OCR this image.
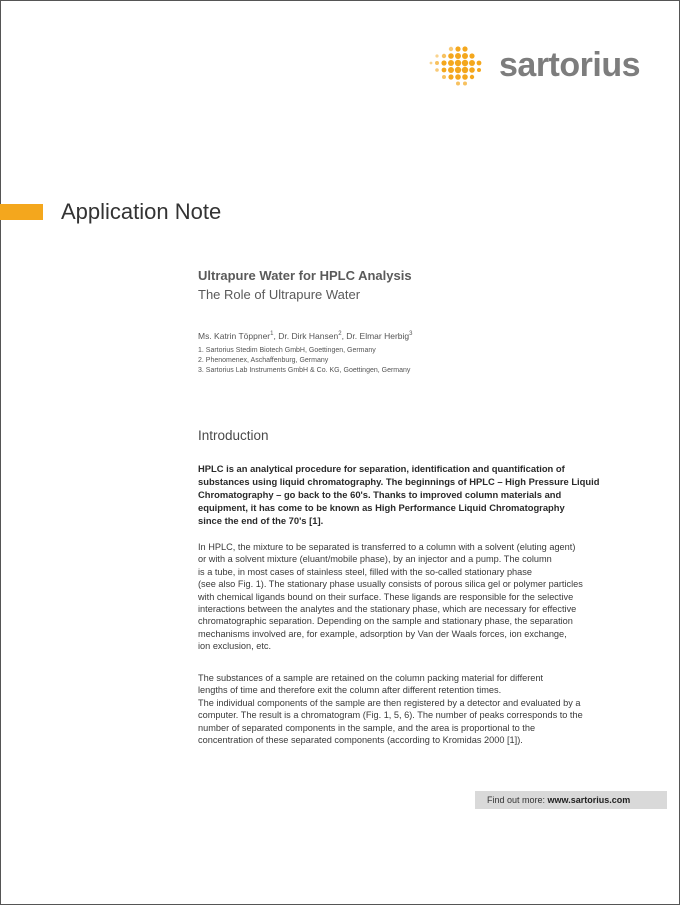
sartorius
Application Note
Ultrapure Water for HPLC Analysis
The Role of Ultrapure Water
Ms. Katrin Töppner$^1$, Dr. Dirk Hansen$^2$, Dr. Elmar Herbig$^3$
1. Sartorius Stedim Biotech GmbH, Goettingen, Germany
2. Phenomenex, Aschaffenburg, Germany
3. Sartorius Lab Instruments GmbH & Co. KG, Goettingen, Germany
Introduction
HPLC is an analytical procedure for separation, identification and quantification of
substances using liquid chromatography. The beginnings of HPLC – High Pressure Liquid
Chromatography – go back to the 60's. Thanks to improved column materials and
equipment, it has come to be known as High Performance Liquid Chromatography
since the end of the 70's [1].
In HPLC, the mixture to be separated is transferred to a column with a solvent (eluting agent)
or with a solvent mixture (eluant/mobile phase), by an injector and a pump. The column
is a tube, in most cases of stainless steel, filled with the so-called stationary phase
(see also Fig. 1). The stationary phase usually consists of porous silica gel or polymer particles
with chemical ligands bound on their surface. These ligands are responsible for the selective
interactions between the analytes and the stationary phase, which are necessary for effective
chromatographic separation. Depending on the sample and stationary phase, the separation
mechanisms involved are, for example, adsorption by Van der Waals forces, ion exchange,
ion exclusion, etc.
The substances of a sample are retained on the column packing material for different
lengths of time and therefore exit the column after different retention times.
The individual components of the sample are then registered by a detector and evaluated by a
computer. The result is a chromatogram (Fig. 1, 5, 6). The number of peaks corresponds to the
number of separated components in the sample, and the area is proportional to the
concentration of these separated components (according to Kromidas 2000 [1]).
Find out more: www.sartorius.com
